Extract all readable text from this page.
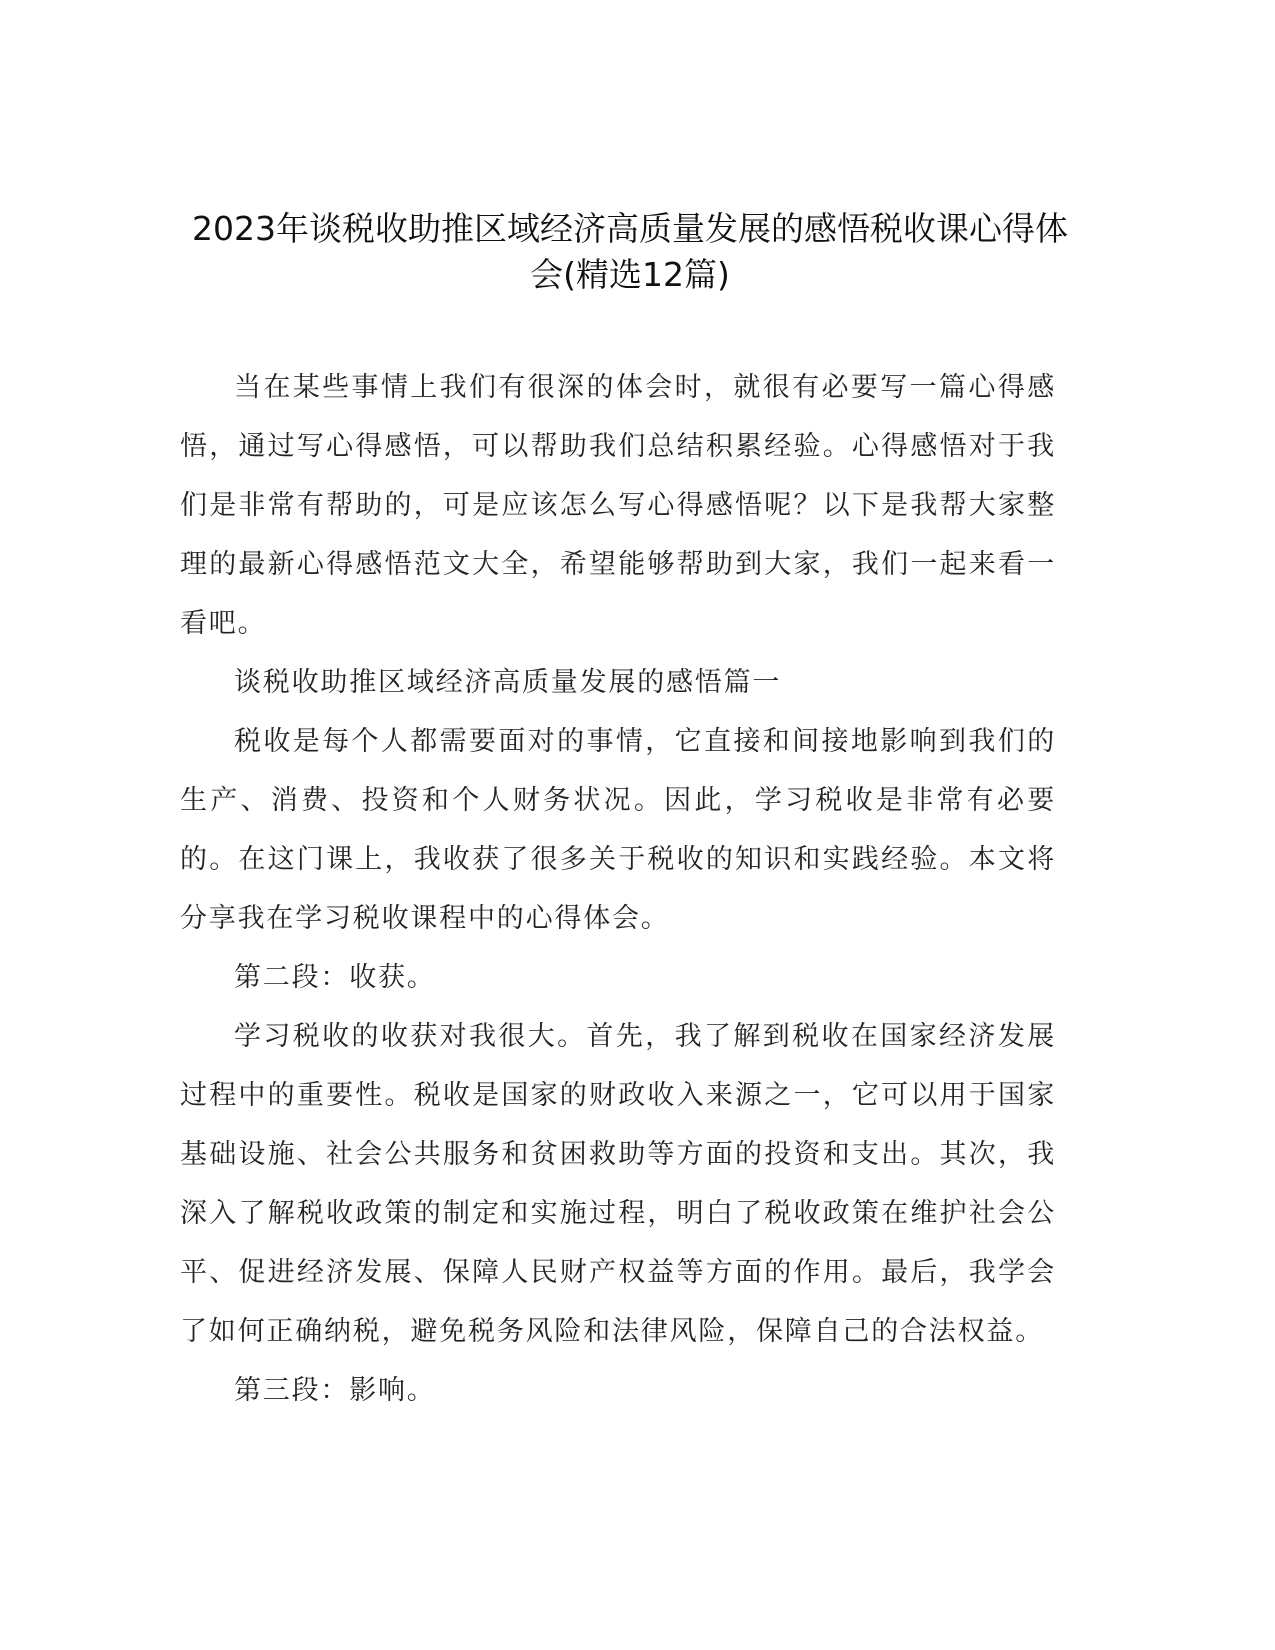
2023年谈税收助推区域经济高质量发展的感悟税收课心得体会(精选12篇)

当在某些事情上我们有很深的体会时，就很有必要写一篇心得感悟，通过写心得感悟，可以帮助我们总结积累经验。心得感悟对于我们是非常有帮助的，可是应该怎么写心得感悟呢？以下是我帮大家整理的最新心得感悟范文大全，希望能够帮助到大家，我们一起来看一看吧。

谈税收助推区域经济高质量发展的感悟篇一

税收是每个人都需要面对的事情，它直接和间接地影响到我们的生产、消费、投资和个人财务状况。因此，学习税收是非常有必要的。在这门课上，我收获了很多关于税收的知识和实践经验。本文将分享我在学习税收课程中的心得体会。

第二段：收获。

学习税收的收获对我很大。首先，我了解到税收在国家经济发展过程中的重要性。税收是国家的财政收入来源之一，它可以用于国家基础设施、社会公共服务和贫困救助等方面的投资和支出。其次，我深入了解税收政策的制定和实施过程，明白了税收政策在维护社会公平、促进经济发展、保障人民财产权益等方面的作用。最后，我学会了如何正确纳税，避免税务风险和法律风险，保障自己的合法权益。

第三段：影响。
